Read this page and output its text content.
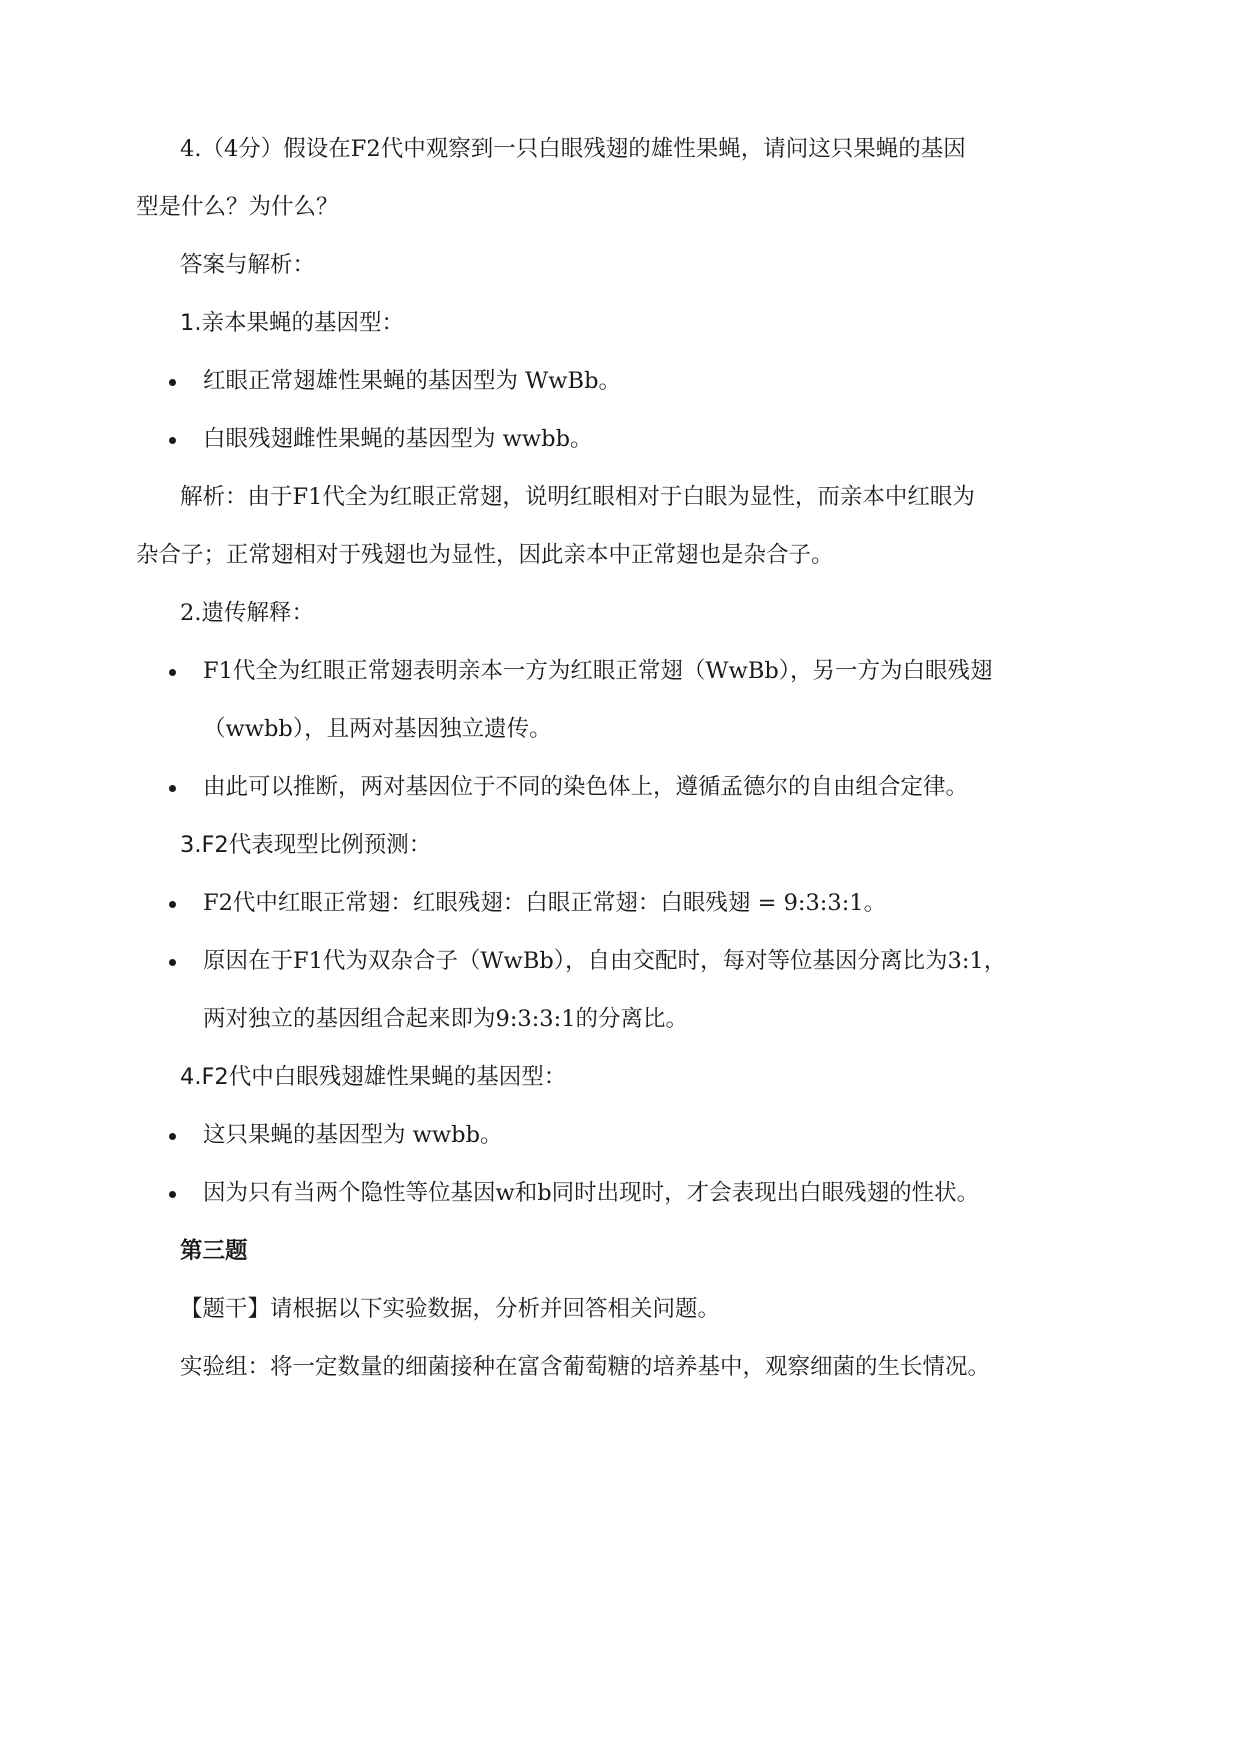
4.（4分）假设在F2代中观察到一只白眼残翅的雄性果蝇，请问这只果蝇的基因
型是什么？为什么？
答案与解析：
1.亲本果蝇的基因型：
红眼正常翅雄性果蝇的基因型为 WwBb。
白眼残翅雌性果蝇的基因型为 wwbb。
解析：由于F1代全为红眼正常翅，说明红眼相对于白眼为显性，而亲本中红眼为
杂合子；正常翅相对于残翅也为显性，因此亲本中正常翅也是杂合子。
2.遗传解释：
F1代全为红眼正常翅表明亲本一方为红眼正常翅（WwBb），另一方为白眼残翅
（wwbb），且两对基因独立遗传。
由此可以推断，两对基因位于不同的染色体上，遵循孟德尔的自由组合定律。
3.F2代表现型比例预测：
F2代中红眼正常翅：红眼残翅：白眼正常翅：白眼残翅 = 9:3:3:1。
原因在于F1代为双杂合子（WwBb），自由交配时，每对等位基因分离比为3:1，
两对独立的基因组合起来即为9:3:3:1的分离比。
4.F2代中白眼残翅雄性果蝇的基因型：
这只果蝇的基因型为 wwbb。
因为只有当两个隐性等位基因w和b同时出现时，才会表现出白眼残翅的性状。
第三题
【题干】请根据以下实验数据，分析并回答相关问题。
实验组：将一定数量的细菌接种在富含葡萄糖的培养基中，观察细菌的生长情况。
